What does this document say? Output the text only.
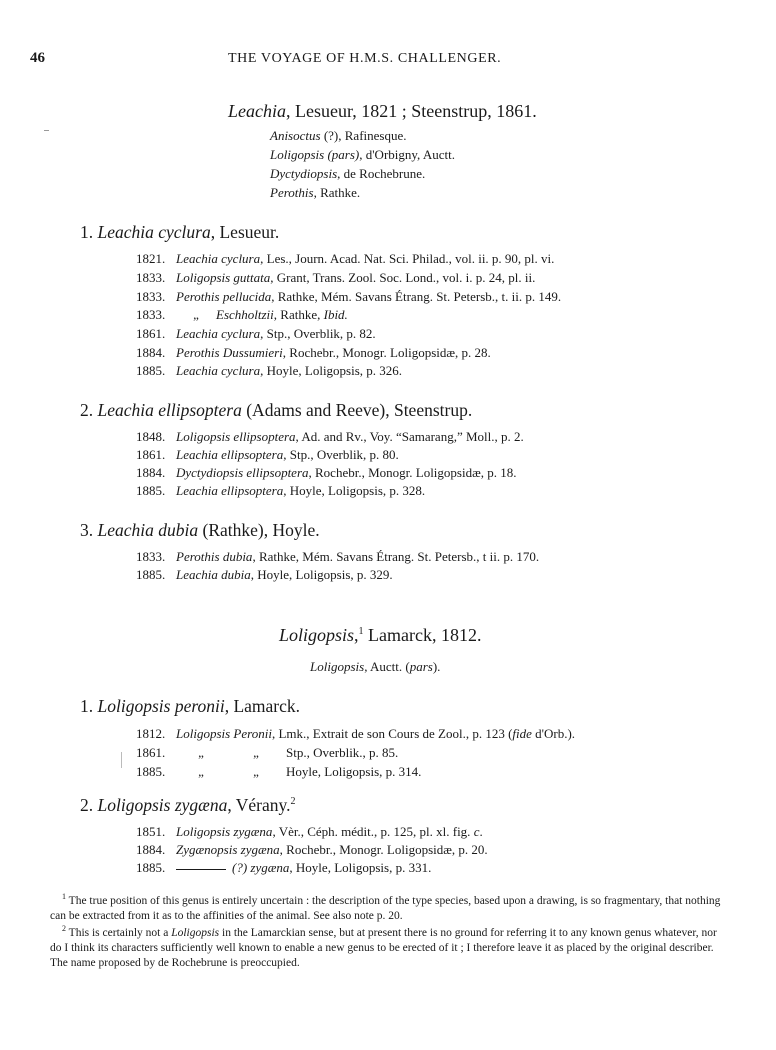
46	THE VOYAGE OF H.M.S. CHALLENGER.
Leachia, Lesueur, 1821 ; Steenstrup, 1861.
Anisoctus (?), Rafinesque.
Loligopsis (pars), d'Orbigny, Auctt.
Dyctydiopsis, de Rochebrune.
Perothis, Rathke.
1. Leachia cyclura, Lesueur.
1821. Leachia cyclura, Les., Journ. Acad. Nat. Sci. Philad., vol. ii. p. 90, pl. vi.
1833. Loligopsis guttata, Grant, Trans. Zool. Soc. Lond., vol. i. p. 24, pl. ii.
1833. Perothis pellucida, Rathke, Mém. Savans Étrang. St. Petersb., t. ii. p. 149.
1833. „ Eschholtzii, Rathke, Ibid.
1861. Leachia cyclura, Stp., Overblik, p. 82.
1884. Perothis Dussumieri, Rochebr., Monogr. Loligopsidæ, p. 28.
1885. Leachia cyclura, Hoyle, Loligopsis, p. 326.
2. Leachia ellipsoptera (Adams and Reeve), Steenstrup.
1848. Loligopsis ellipsoptera, Ad. and Rv., Voy. “Samarang,” Moll., p. 2.
1861. Leachia ellipsoptera, Stp., Overblik, p. 80.
1884. Dyctydiopsis ellipsoptera, Rochebr., Monogr. Loligopsidæ, p. 18.
1885. Leachia ellipsoptera, Hoyle, Loligopsis, p. 328.
3. Leachia dubia (Rathke), Hoyle.
1833. Perothis dubia, Rathke, Mém. Savans Étrang. St. Petersb., t ii. p. 170.
1885. Leachia dubia, Hoyle, Loligopsis, p. 329.
Loligopsis,$^1$ Lamarck, 1812.
Loligopsis, Auctt. (pars).
1. Loligopsis peronii, Lamarck.
1812. Loligopsis Peronii, Lmk., Extrait de son Cours de Zool., p. 123 (fide d'Orb.).
1861.	„	„ Stp., Overblik., p. 85.
1885.	„	„ Hoyle, Loligopsis, p. 314.
2. Loligopsis zygæna, Vérany.$^2$
1851. Loligopsis zygæna, Vèr., Céph. médit., p. 125, pl. xl. fig. c.
1884. Zygænopsis zygæna, Rochebr., Monogr. Loligopsidæ, p. 20.
1885.	(?) zygæna, Hoyle, Loligopsis, p. 331.
$^1$ The true position of this genus is entirely uncertain : the description of the type species, based upon a drawing, is so fragmentary, that nothing can be extracted from it as to the affinities of the animal. See also note p. 20.
$^2$ This is certainly not a Loligopsis in the Lamarckian sense, but at present there is no ground for referring it to any known genus whatever, nor do I think its characters sufficiently well known to enable a new genus to be erected of it ; I therefore leave it as placed by the original describer. The name proposed by de Rochebrune is preoccupied.
